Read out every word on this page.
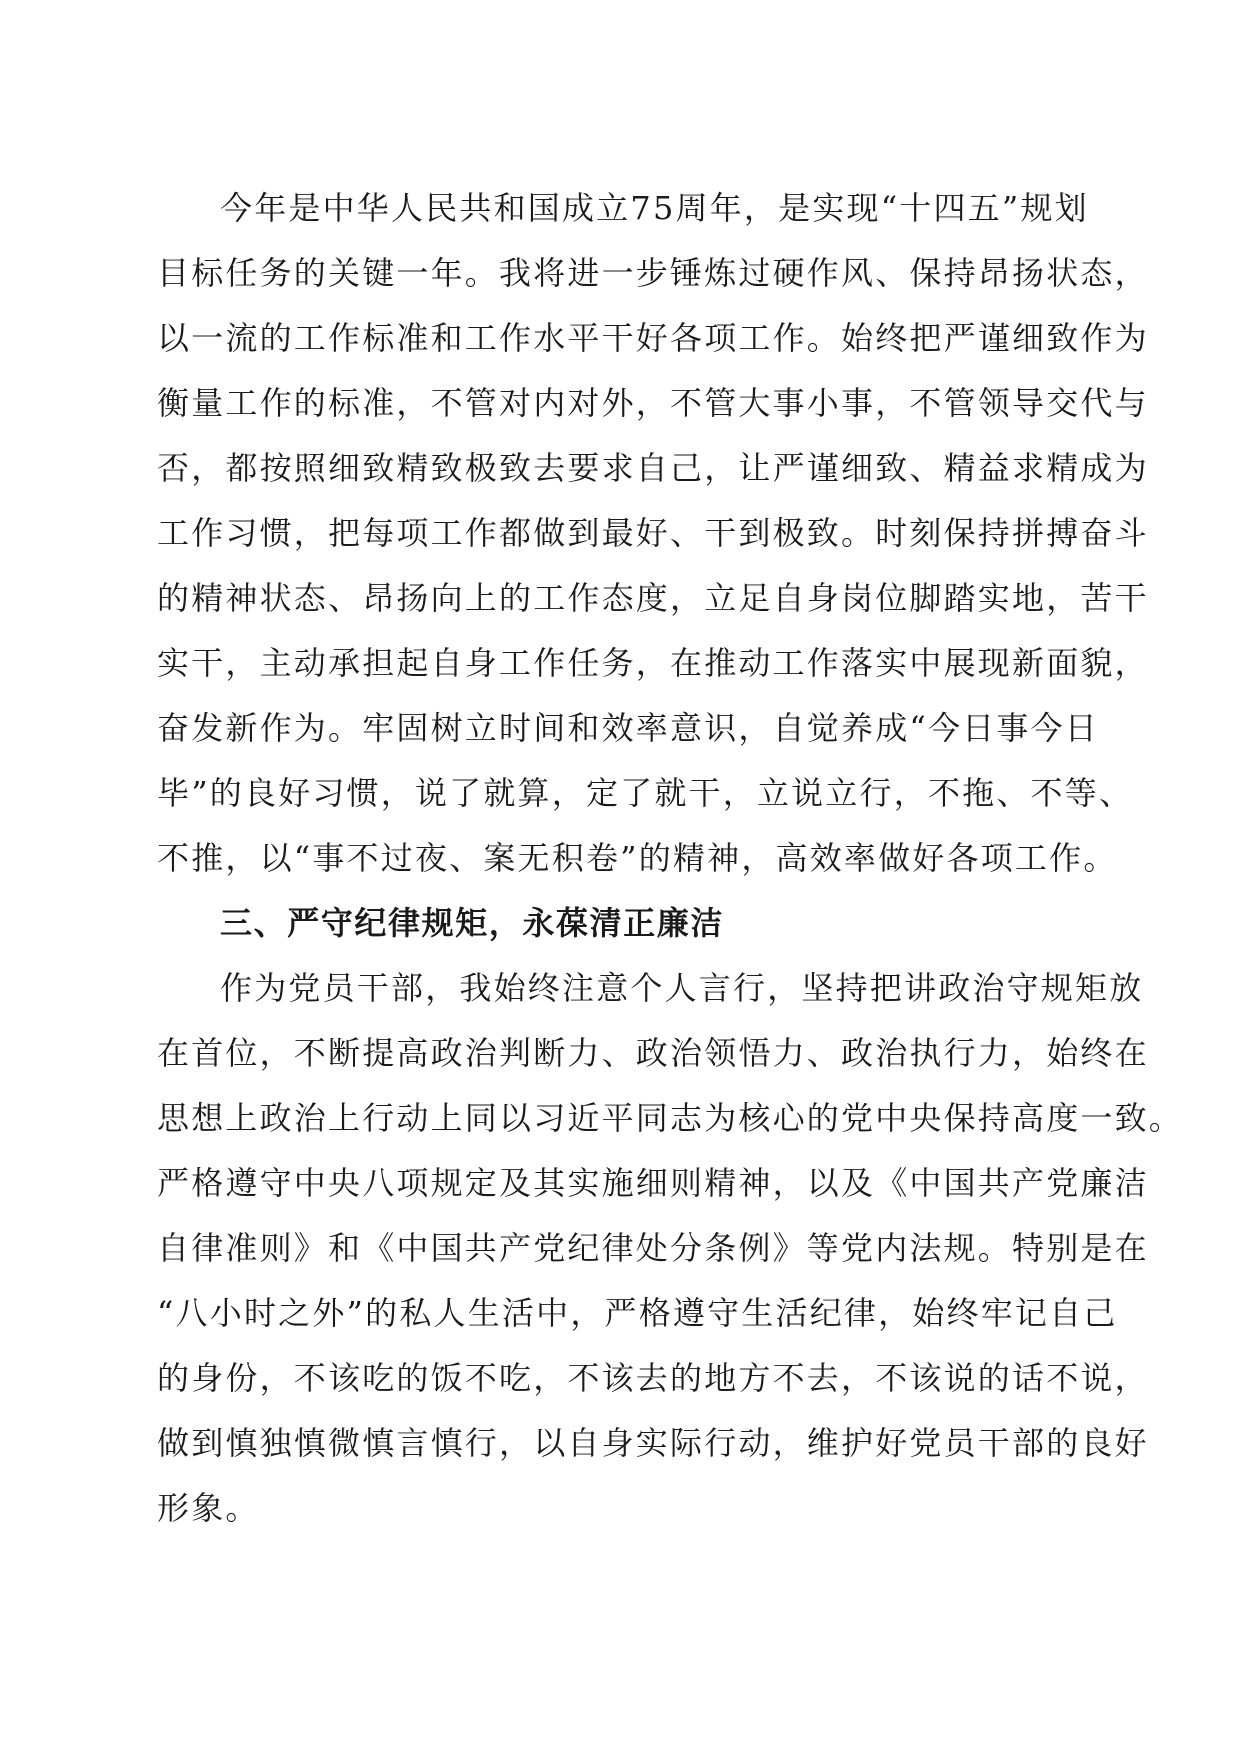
今年是中华人民共和国成立75周年，是实现“十四五”规划
目标任务的关键一年。我将进一步锤炼过硬作风、保持昂扬状态，
以一流的工作标准和工作水平干好各项工作。始终把严谨细致作为
衡量工作的标准，不管对内对外，不管大事小事，不管领导交代与
否，都按照细致精致极致去要求自己，让严谨细致、精益求精成为
工作习惯，把每项工作都做到最好、干到极致。时刻保持拼搏奋斗
的精神状态、昂扬向上的工作态度，立足自身岗位脚踏实地，苦干
实干，主动承担起自身工作任务，在推动工作落实中展现新面貌，
奋发新作为。牢固树立时间和效率意识，自觉养成“今日事今日
毕”的良好习惯，说了就算，定了就干，立说立行，不拖、不等、
不推，以“事不过夜、案无积卷”的精神，高效率做好各项工作。
三、严守纪律规矩，永葆清正廉洁
作为党员干部，我始终注意个人言行，坚持把讲政治守规矩放
在首位，不断提高政治判断力、政治领悟力、政治执行力，始终在
思想上政治上行动上同以习近平同志为核心的党中央保持高度一致。
严格遵守中央八项规定及其实施细则精神，以及《中国共产党廉洁
自律准则》和《中国共产党纪律处分条例》等党内法规。特别是在
“八小时之外”的私人生活中，严格遵守生活纪律，始终牢记自己
的身份，不该吃的饭不吃，不该去的地方不去，不该说的话不说，
做到慎独慎微慎言慎行，以自身实际行动，维护好党员干部的良好
形象。
